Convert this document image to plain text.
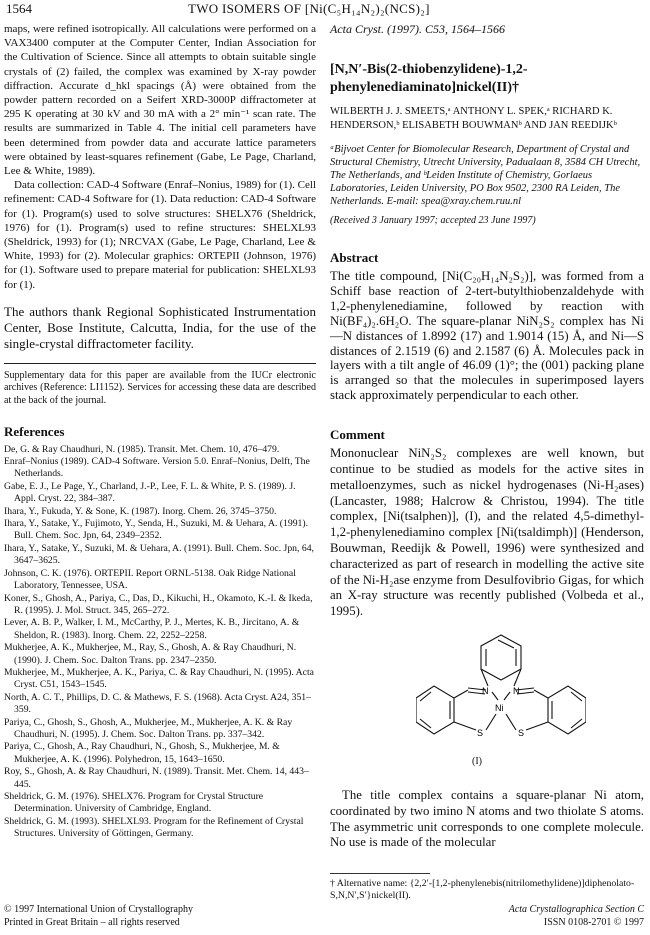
1564	TWO ISOMERS OF [Ni(C₅H₁₄N₂)₂(NCS)₂]

maps, were refined isotropically. All calculations were performed on a VAX3400 computer at the Computer Center, Indian Association for the Cultivation of Science. Since all attempts to obtain suitable single crystals of (2) failed, the complex was examined by X-ray powder diffraction. Accurate d_hkl spacings (Å) were obtained from the powder pattern recorded on a Seifert XRD-3000P diffractometer at 295 K operating at 30 kV and 30 mA with a 2° min⁻¹ scan rate. The results are summarized in Table 4. The initial cell parameters have been determined from powder data and accurate lattice parameters were obtained by least-squares refinement (Gabe, Le Page, Charland, Lee & White, 1989).

Data collection: CAD-4 Software (Enraf–Nonius, 1989) for (1). Cell refinement: CAD-4 Software for (1). Data reduction: CAD-4 Software for (1). Program(s) used to solve structures: SHELX76 (Sheldrick, 1976) for (1). Program(s) used to refine structures: SHELXL93 (Sheldrick, 1993) for (1); NRCVAX (Gabe, Le Page, Charland, Lee & White, 1993) for (2). Molecular graphics: ORTEPII (Johnson, 1976) for (1). Software used to prepare material for publication: SHELXL93 for (1).

The authors thank Regional Sophisticated Instrumentation Center, Bose Institute, Calcutta, India, for the use of the single-crystal diffractometer facility.

Supplementary data for this paper are available from the IUCr electronic archives (Reference: LI1152). Services for accessing these data are described at the back of the journal.

References

De, G. & Ray Chaudhuri, N. (1985). Transit. Met. Chem. 10, 476–479.

Enraf–Nonius (1989). CAD-4 Software. Version 5.0. Enraf–Nonius, Delft, The Netherlands.

Gabe, E. J., Le Page, Y., Charland, J.-P., Lee, F. L. & White, P. S. (1989). J. Appl. Cryst. 22, 384–387.

Ihara, Y., Fukuda, Y. & Sone, K. (1987). Inorg. Chem. 26, 3745–3750.

Ihara, Y., Satake, Y., Fujimoto, Y., Senda, H., Suzuki, M. & Uehara, A. (1991). Bull. Chem. Soc. Jpn, 64, 2349–2352.

Ihara, Y., Satake, Y., Suzuki, M. & Uehara, A. (1991). Bull. Chem. Soc. Jpn, 64, 3647–3625.

Johnson, C. K. (1976). ORTEPII. Report ORNL-5138. Oak Ridge National Laboratory, Tennessee, USA.

Koner, S., Ghosh, A., Pariya, C., Das, D., Kikuchi, H., Okamoto, K.-I. & Ikeda, R. (1995). J. Mol. Struct. 345, 265–272.

Lever, A. B. P., Walker, I. M., McCarthy, P. J., Mertes, K. B., Jircitano, A. & Sheldon, R. (1983). Inorg. Chem. 22, 2252–2258.

Mukherjee, A. K., Mukherjee, M., Ray, S., Ghosh, A. & Ray Chaudhuri, N. (1990). J. Chem. Soc. Dalton Trans. pp. 2347–2350.

Mukherjee, M., Mukherjee, A. K., Pariya, C. & Ray Chaudhuri, N. (1995). Acta Cryst. C51, 1543–1545.

North, A. C. T., Phillips, D. C. & Mathews, F. S. (1968). Acta Cryst. A24, 351–359.

Pariya, C., Ghosh, S., Ghosh, A., Mukherjee, M., Mukherjee, A. K. & Ray Chaudhuri, N. (1995). J. Chem. Soc. Dalton Trans. pp. 337–342.

Pariya, C., Ghosh, A., Ray Chaudhuri, N., Ghosh, S., Mukherjee, M. & Mukherjee, A. K. (1996). Polyhedron, 15, 1643–1650.

Roy, S., Ghosh, A. & Ray Chaudhuri, N. (1989). Transit. Met. Chem. 14, 443–445.

Sheldrick, G. M. (1976). SHELX76. Program for Crystal Structure Determination. University of Cambridge, England.

Sheldrick, G. M. (1993). SHELXL93. Program for the Refinement of Crystal Structures. University of Göttingen, Germany.

Acta Cryst. (1997). C53, 1564–1566
[N,N′-Bis(2-thiobenzylidene)-1,2-phenylenediaminato]nickel(II)†
WILBERTH J. J. SMEETS,ᵃ ANTHONY L. SPEK,ᵃ RICHARD K. HENDERSON,ᵇ ELISABETH BOUWMANᵇ AND JAN REEDIJKᵇ
ᵃBijvoet Center for Biomolecular Research, Department of Crystal and Structural Chemistry, Utrecht University, Padualaan 8, 3584 CH Utrecht, The Netherlands, and ᵇLeiden Institute of Chemistry, Gorlaeus Laboratories, Leiden University, PO Box 9502, 2300 RA Leiden, The Netherlands. E-mail: spea@xray.chem.ruu.nl
(Received 3 January 1997; accepted 23 June 1997)
Abstract

The title compound, [Ni(C₂₀H₁₄N₂S₂)], was formed from a Schiff base reaction of 2-tert-butylthiobenzaldehyde with 1,2-phenylenediamine, followed by reaction with Ni(BF₄)₂.6H₂O. The square-planar NiN₂S₂ complex has Ni—N distances of 1.8992 (17) and 1.9014 (15) Å, and Ni—S distances of 2.1519 (6) and 2.1587 (6) Å. Molecules pack in layers with a tilt angle of 46.09 (1)°; the (001) packing plane is arranged so that the molecules in superimposed layers stack approximately perpendicular to each other.

Comment

Mononuclear NiN₂S₂ complexes are well known, but continue to be studied as models for the active sites in metalloenzymes, such as nickel hydrogenases (Ni-H₂ases) (Lancaster, 1988; Halcrow & Christou, 1994). The title complex, [Ni(tsalphen)], (I), and the related 4,5-dimethyl-1,2-phenylenediamino complex [Ni(tsaldimph)] (Henderson, Bouwman, Reedijk & Powell, 1996) were synthesized and characterized as part of research in modelling the active site of the Ni-H₂ase enzyme from Desulfovibrio Gigas, for which an X-ray structure was recently published (Volbeda et al., 1995).

N	N
Ni
S	S
(I)

The title complex contains a square-planar Ni atom, coordinated by two imino N atoms and two thiolate S atoms. The asymmetric unit corresponds to one complete molecule. No use is made of the molecular

† Alternative name: {2,2′-[1,2-phenylenebis(nitrilomethylidene)]diphenolato-S,N,N′,S′}nickel(II).
© 1997 International Union of Crystallography
Printed in Great Britain – all rights reserved
Acta Crystallographica Section C
ISSN 0108-2701 © 1997
